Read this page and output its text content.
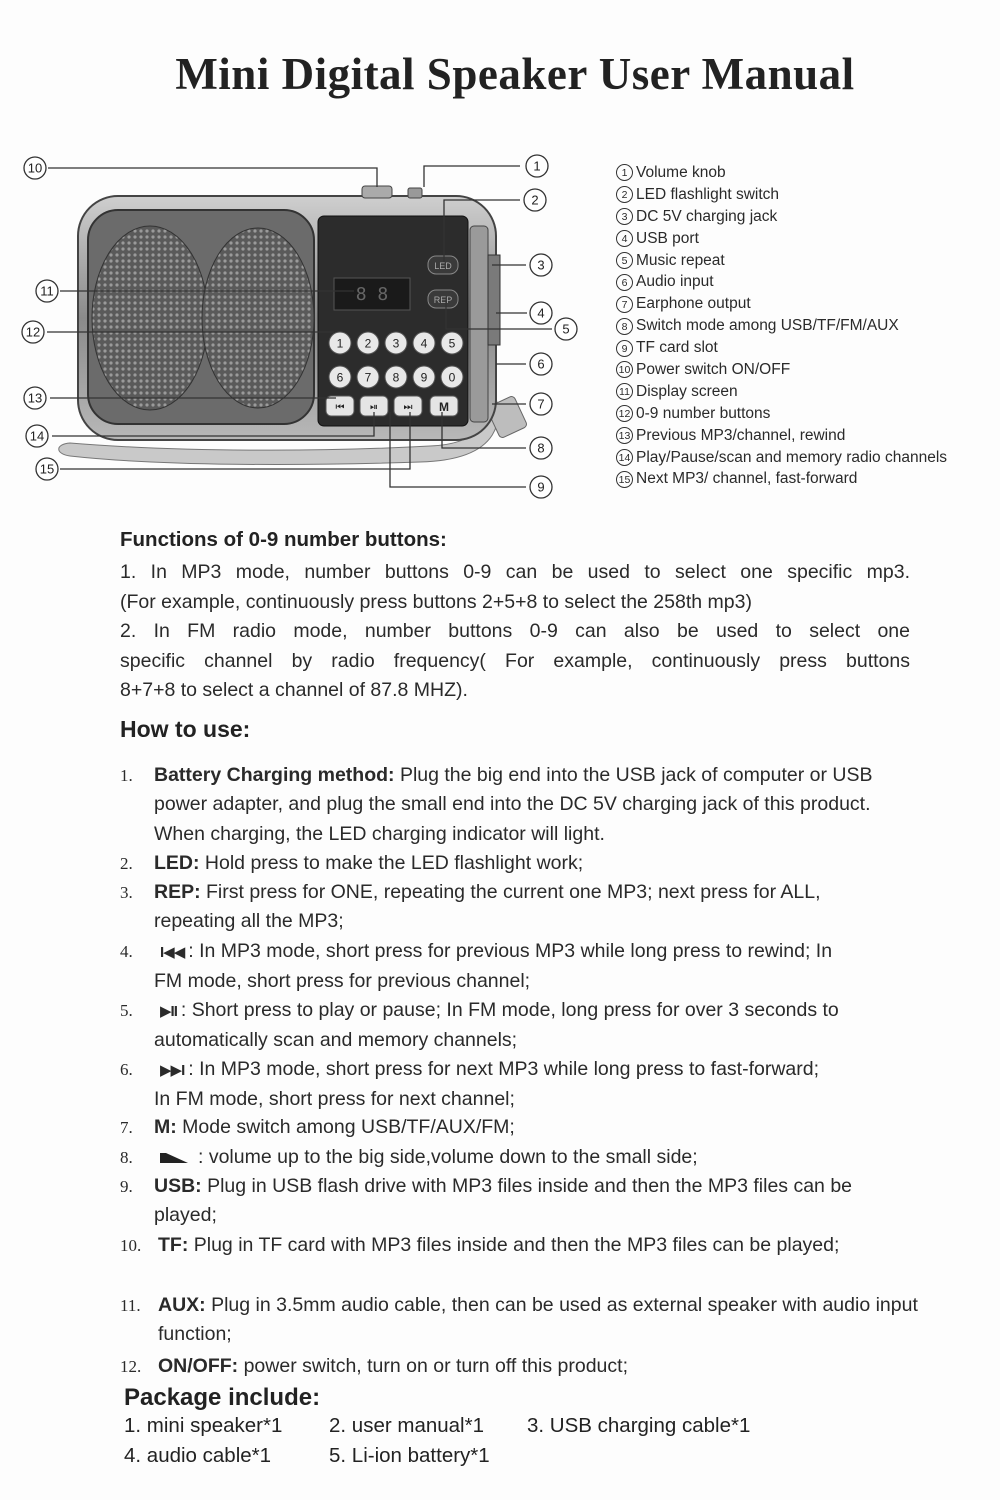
Mini Digital Speaker User Manual
8 8
LED
REP
1 2 3 4 5
6 7 8 9 0
⏮	⏯	⏭ M
1
2
3
4
5
6
7
8
9
10
11
12
13
14
15
1 Volume knob
2 LED flashlight switch
3 DC 5V charging jack
4 USB port
5 Music repeat
6 Audio input
7 Earphone output
8 Switch mode among USB/TF/FM/AUX
9 TF card slot
10 Power switch ON/OFF
11 Display screen
12 0-9 number buttons
13 Previous MP3/channel, rewind
14 Play/Pause/scan and memory radio channels
15 Next MP3/ channel, fast-forward
Functions of 0-9 number buttons:
1. In MP3 mode, number buttons 0-9 can be used to select one specific mp3.
(For example, continuously press buttons 2+5+8 to select the 258th mp3)
2. In FM radio mode, number buttons 0-9 can also be used to select one
specific channel by radio frequency( For example, continuously press buttons
8+7+8 to select a channel of 87.8 MHZ).
How to use:
1. Battery Charging method: Plug the big end into the USB jack of computer or USB power adapter, and plug the small end into the DC 5V charging jack of this product. When charging, the LED charging indicator will light.
2. LED: Hold press to make the LED flashlight work;
3. REP: First press for ONE, repeating the current one MP3; next press for ALL, repeating all the MP3;
4.	I◀◀ : In MP3 mode, short press for previous MP3 while long press to rewind; In FM mode, short press for previous channel;
5.	▶II : Short press to play or pause; In FM mode, long press for over 3 seconds to automatically scan and memory channels;
6.	▶▶I : In MP3 mode, short press for next MP3 while long press to fast-forward; In FM mode, short press for next channel;
7. M: Mode switch among USB/TF/AUX/FM;
8.	: volume up to the big side,volume down to the small side;
9. USB: Plug in USB flash drive with MP3 files inside and then the MP3 files can be played;
10. TF: Plug in TF card with MP3 files inside and then the MP3 files can be played;
11. AUX: Plug in 3.5mm audio cable, then can be used as external speaker with audio input function;
12. ON/OFF: power switch, turn on or turn off this product;
Package include:
1. mini speaker*1 2. user manual*1 3. USB charging cable*1
4. audio cable*1	5. Li-ion battery*1
